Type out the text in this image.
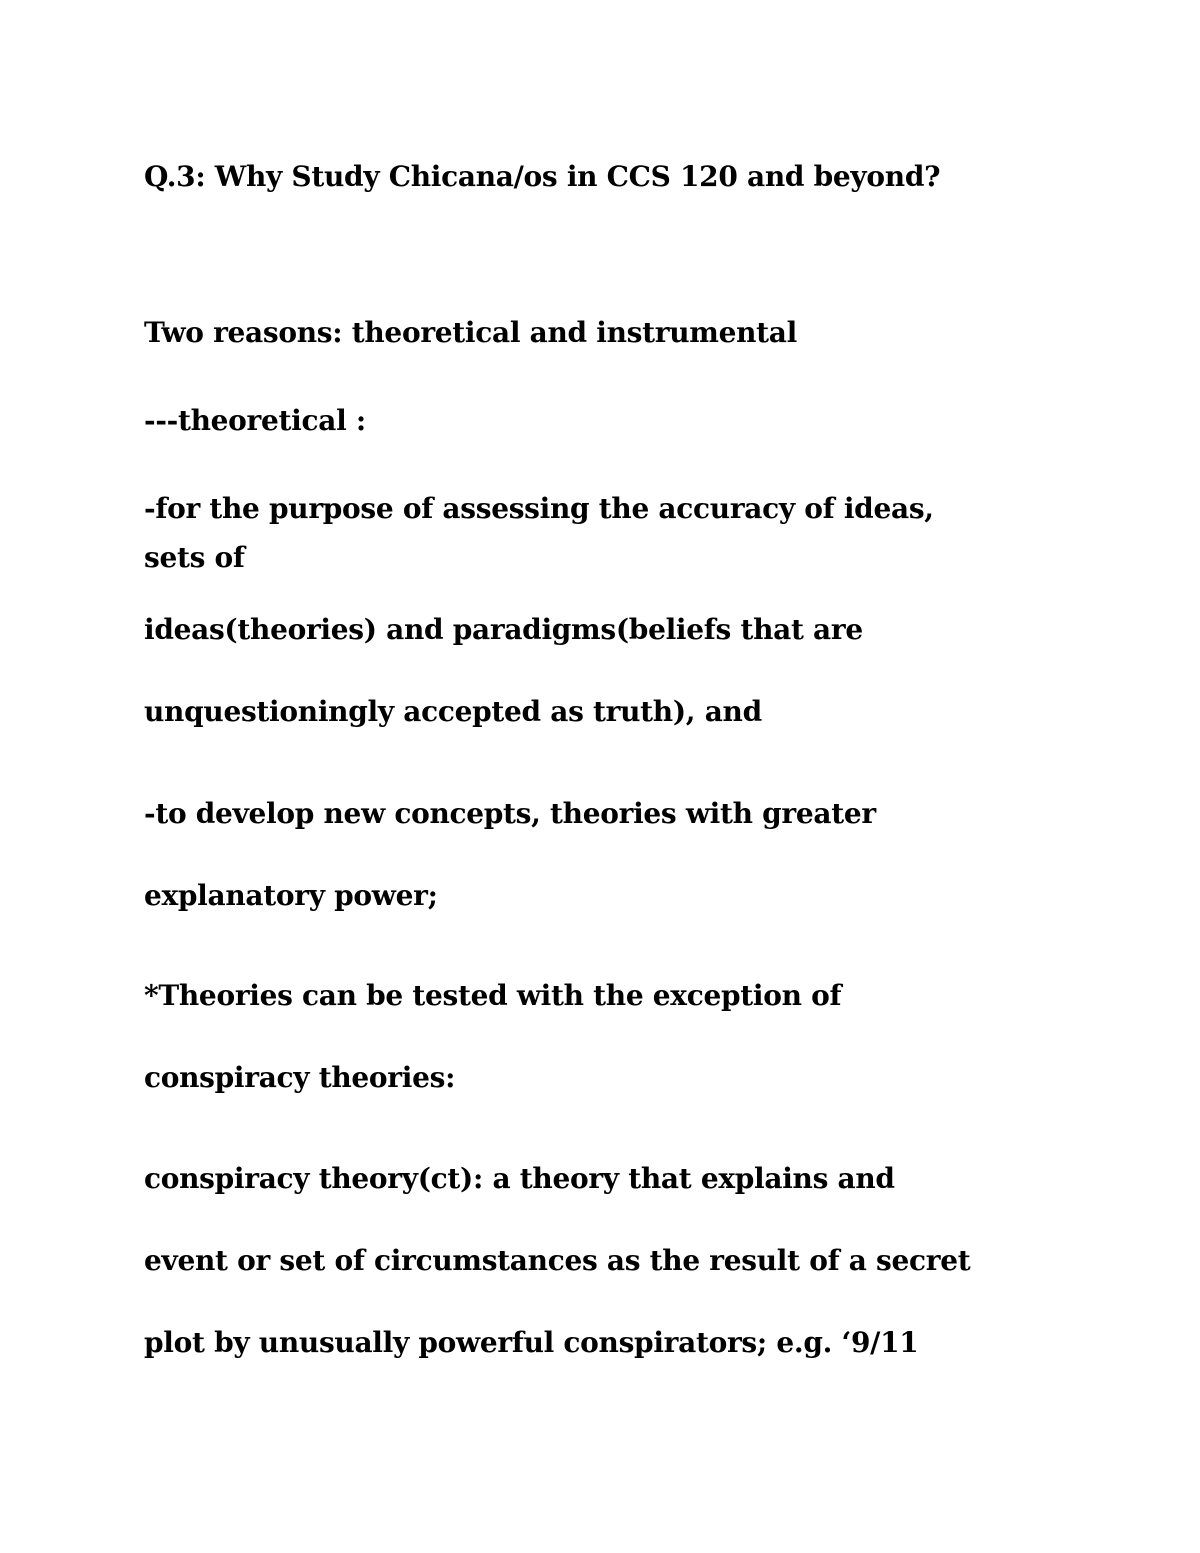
Q.3: Why Study Chicana/os in CCS 120 and beyond?

Two reasons: theoretical and instrumental

---theoretical :

-for the purpose of assessing the accuracy of ideas,

sets of

ideas(theories) and paradigms(beliefs that are

unquestioningly accepted as truth), and

-to develop new concepts, theories with greater

explanatory power;

*Theories can be tested with the exception of

conspiracy theories:

conspiracy theory(ct): a theory that explains and

event or set of circumstances as the result of a secret

plot by unusually powerful conspirators; e.g. ‘9/11
